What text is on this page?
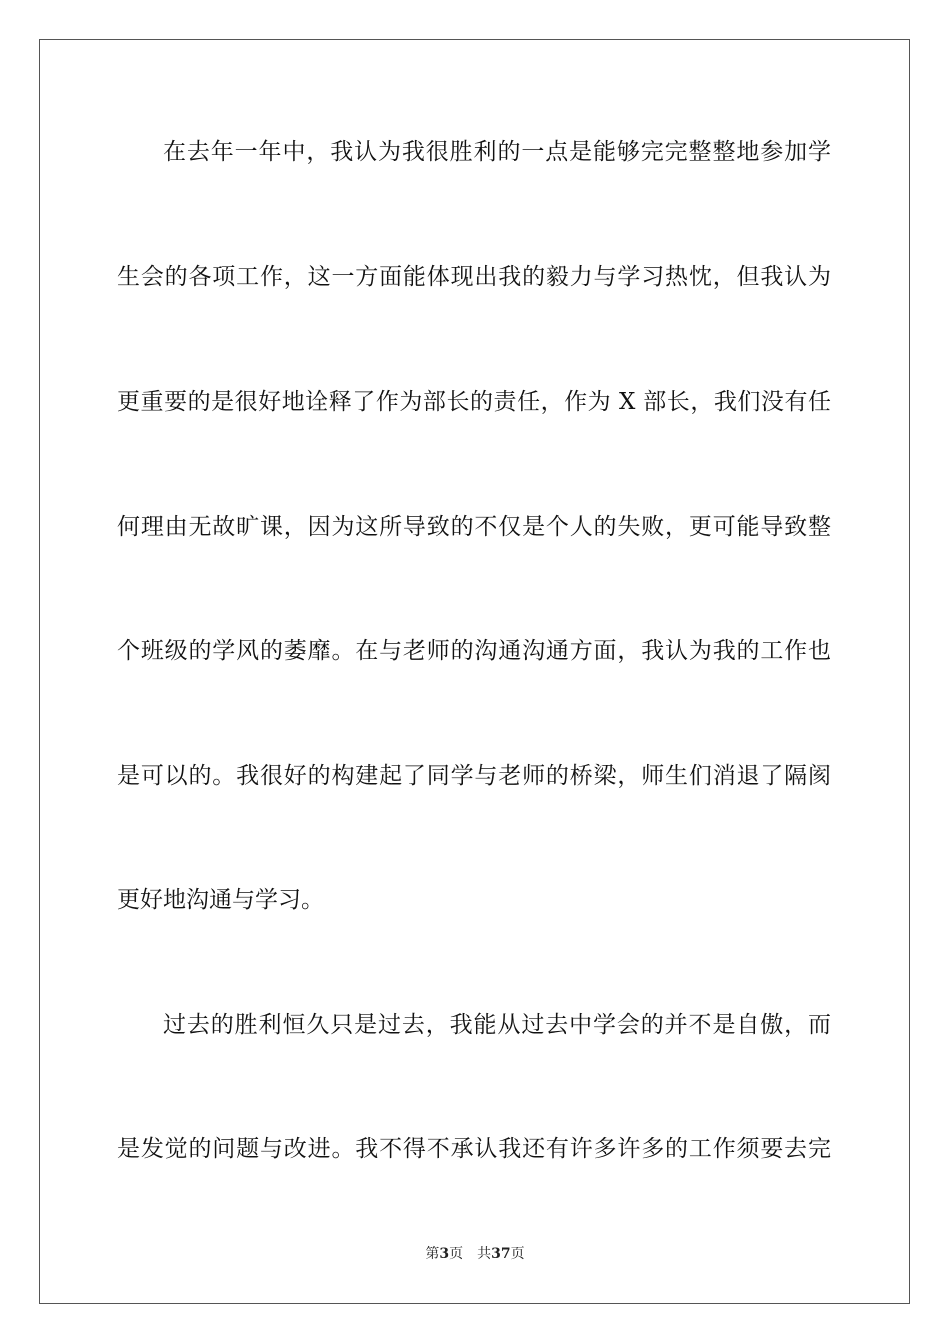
在去年一年中，我认为我很胜利的一点是能够完完整整地参加学

生会的各项工作，这一方面能体现出我的毅力与学习热忱，但我认为

更重要的是很好地诠释了作为部长的责任，作为 X 部长，我们没有任

何理由无故旷课，因为这所导致的不仅是个人的失败，更可能导致整

个班级的学风的萎靡。在与老师的沟通沟通方面，我认为我的工作也

是可以的。我很好的构建起了同学与老师的桥梁，师生们消退了隔阂

更好地沟通与学习。

过去的胜利恒久只是过去，我能从过去中学会的并不是自傲，而

是发觉的问题与改进。我不得不承认我还有许多许多的工作须要去完

第3页 共37页
